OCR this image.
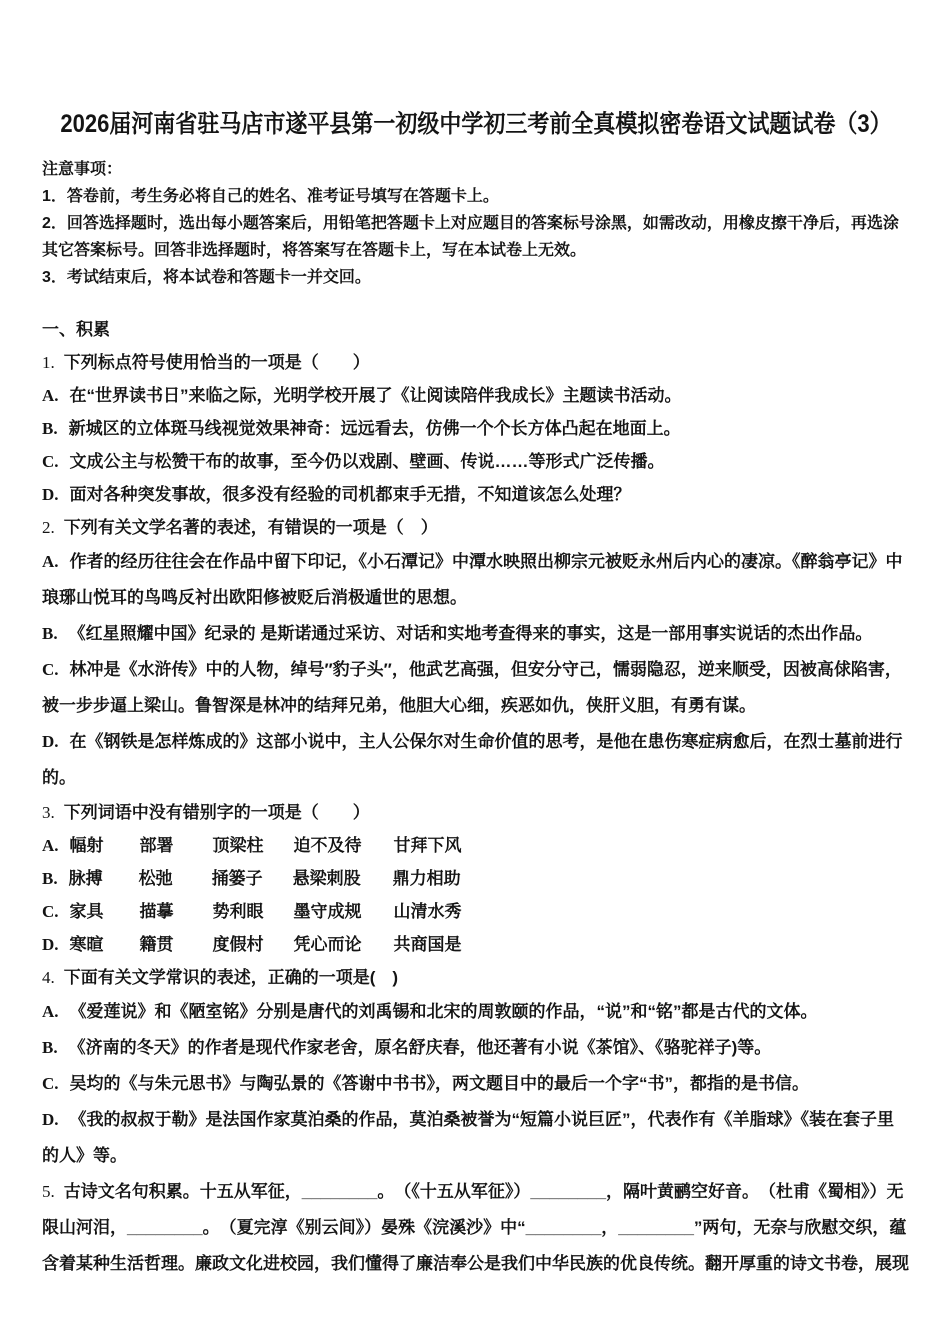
2026届河南省驻马店市遂平县第一初级中学初三考前全真模拟密卷语文试题试卷（3）

注意事项：

1．答卷前，考生务必将自己的姓名、准考证号填写在答题卡上。

2．回答选择题时，选出每小题答案后，用铅笔把答题卡上对应题目的答案标号涂黑，如需改动，用橡皮擦干净后，再选涂其它答案标号。回答非选择题时，将答案写在答题卡上，写在本试卷上无效。

3．考试结束后，将本试卷和答题卡一并交回。

一、积累

1. 下列标点符号使用恰当的一项是（　　）

A. 在“世界读书日”来临之际，光明学校开展了《让阅读陪伴我成长》主题读书活动。

B. 新城区的立体斑马线视觉效果神奇：远远看去，仿佛一个个长方体凸起在地面上。

C. 文成公主与松赞干布的故事，至今仍以戏剧、壁画、传说……等形式广泛传播。

D. 面对各种突发事故，很多没有经验的司机都束手无措，不知道该怎么处理？

2. 下列有关文学名著的表述，有错误的一项是（　）

A. 作者的经历往往会在作品中留下印记，《小石潭记》中潭水映照出柳宗元被贬永州后内心的凄凉。《醉翁亭记》中琅琊山悦耳的鸟鸣反衬出欧阳修被贬后消极遁世的思想。

B. 《红星照耀中国》纪录的 是斯诺通过采访、对话和实地考查得来的事实，这是一部用事实说话的杰出作品。

C. 林冲是《水浒传》中的人物，绰号″豹子头″，他武艺高强，但安分守己，懦弱隐忍，逆来顺受，因被高俅陷害，被一步步逼上梁山。鲁智深是林冲的结拜兄弟，他胆大心细，疾恶如仇，侠肝义胆，有勇有谋。

D. 在《钢铁是怎样炼成的》这部小说中，主人公保尔对生命价值的思考，是他在患伤寒症病愈后，在烈士墓前进行的。

3. 下列词语中没有错别字的一项是（　　）

A. 幅射 部署 顶梁柱 迫不及待 甘拜下风

B. 脉搏 松弛 捅篓子 悬梁刺股 鼎力相助

C. 家具 描摹 势利眼 墨守成规 山清水秀

D. 寒暄 籍贯 度假村 凭心而论 共商国是

4. 下面有关文学常识的表述，正确的一项是(　)

A. 《爱莲说》和《陋室铭》分别是唐代的刘禹锡和北宋的周敦颐的作品，“说”和“铭”都是古代的文体。

B. 《济南的冬天》的作者是现代作家老舍，原名舒庆春，他还著有小说《茶馆》、《骆驼祥子)等。

C. 吴均的《与朱元思书》与陶弘景的《答谢中书书》，两文题目中的最后一个字“书”，都指的是书信。

D. 《我的叔叔于勒》是法国作家莫泊桑的作品，莫泊桑被誉为“短篇小说巨匠”，代表作有《羊脂球》《装在套子里的人》等。

5. 古诗文名句积累。十五从军征，________。　（《十五从军征》）________，隔叶黄鹂空好音。　（杜甫《蜀相》）无限山河泪，________。　（夏完淳《别云间》）晏殊《浣溪沙》中“________，________”两句，无奈与欣慰交织，蕴含着某种生活哲理。廉政文化进校园，我们懂得了廉洁奉公是我们中华民族的优良传统。翻开厚重的诗文书卷，展现
